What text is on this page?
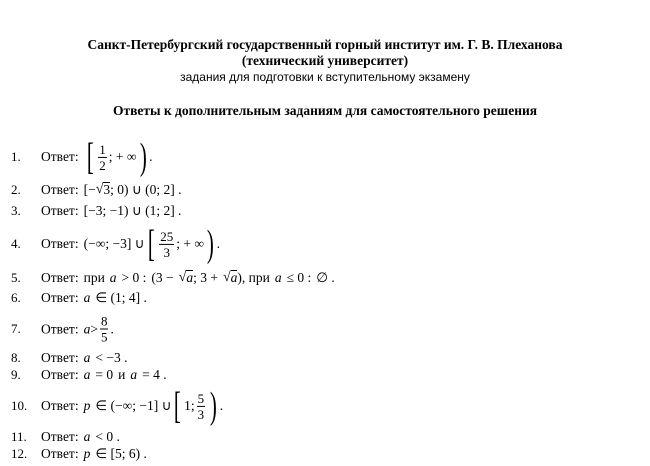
Санкт-Петербургский государственный горный институт им. Г. В. Плеханова
(технический университет)
задания для подготовки к вступительному экзамену
Ответы к дополнительным заданиям для самостоятельного решения
1. Ответ: [ $\frac{1}{2}$ ; + ∞ ) .
2. Ответ: [− √ 3 ; 0) ∪ (0; 2] .
3. Ответ: [−3; −1) ∪ (1; 2] .
4. Ответ: (−∞; −3] ∪ [ $\frac{25}{3}$ ; + ∞ ) .
5. Ответ: при a > 0 : (3 − √ a ; 3 + √ a ) , при a ≤ 0 : ∅ .
6. Ответ: a ∈ (1; 4] .
7. Ответ: $a > \frac{8}{5}$ .
8. Ответ: a < −3 .
9. Ответ: a = 0 и a = 4 .
10. Ответ: p ∈ (−∞; −1] ∪ [ 1; $\frac{5}{3}$ ) .
11. Ответ: a < 0 .
12. Ответ: p ∈ [5; 6) .
